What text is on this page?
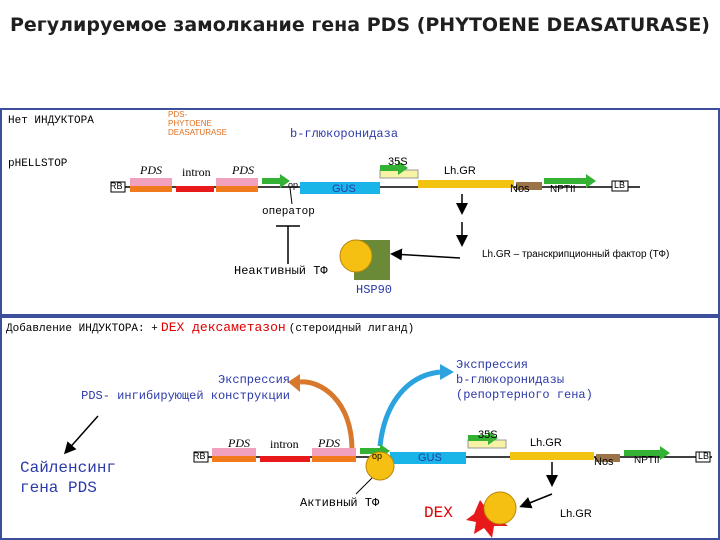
Регулируемое замолкание гена PDS (PHYTOENE DEASATURASE)
Нет ИНДУКТОРА
PDS-
PHYTOENE
DEASATURASE	b-глюкоронидаза
pHELLSTOP	PDS intron PDS
35S
Lh.GR
RB	op	GUS	Nos NPTII	LB
оператор
Lh.GR – транскрипционный фактор (ТФ)
Неактивный ТФ
HSP90
Добавление ИНДУКТОРА: + DEX дексаметазон (стероидный лиганд)
Экспрессия
PDS- ингибирующей конструкции
Экспрессия
b-глюкоронидазы
(репортерного гена)
Сайленсинг
гена PDS
PDS intron PDS
35S
Lh.GR
RB	op	GUS	Nos NPTII	LB
Активный ТФ
DEX	Lh.GR
